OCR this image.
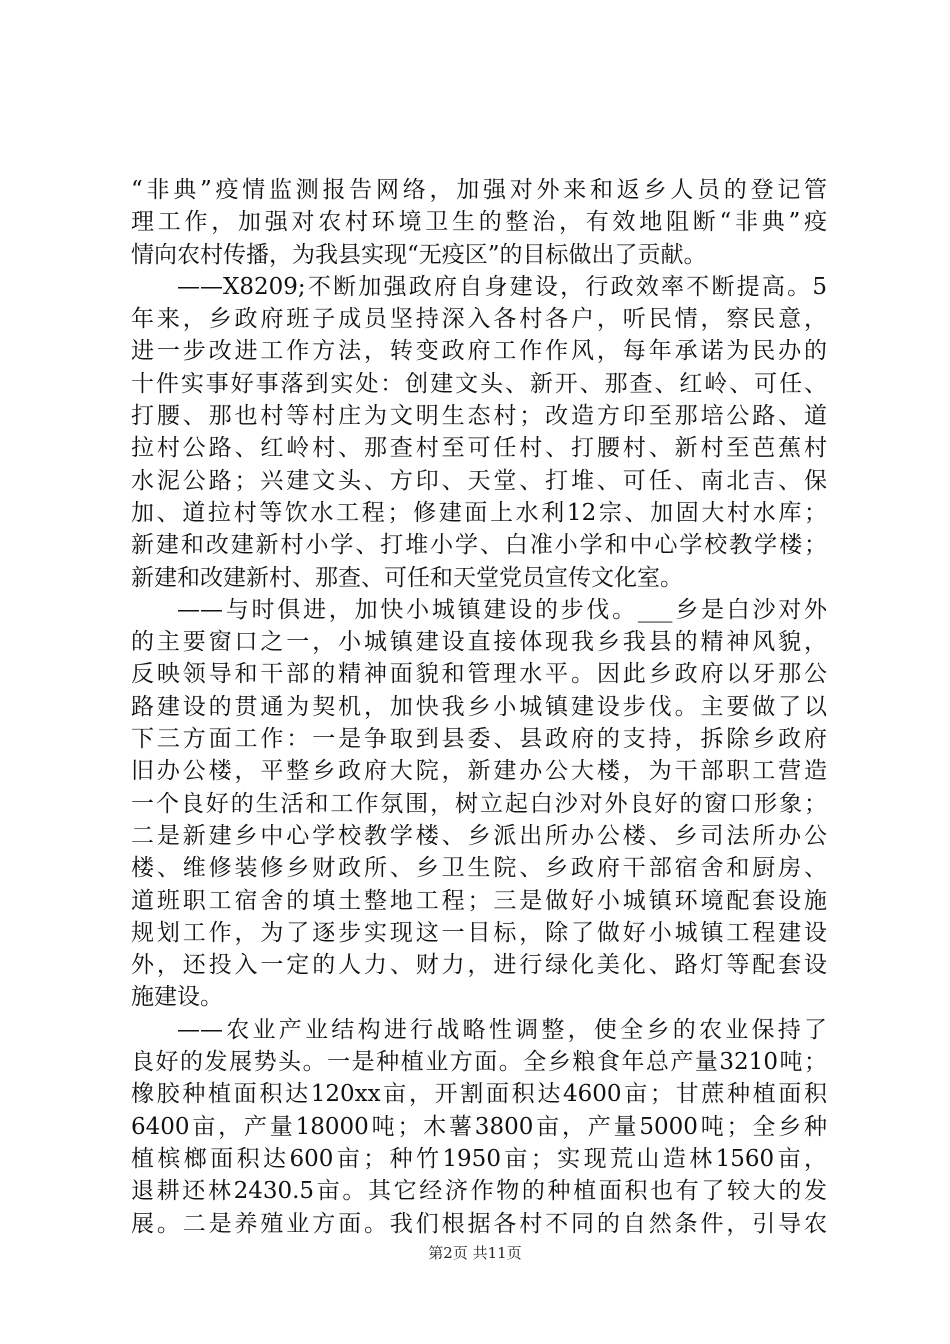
“非典”疫情监测报告网络，加强对外来和返乡人员的登记管
理工作，加强对农村环境卫生的整治，有效地阻断“非典”疫
情向农村传播，为我县实现“无疫区”的目标做出了贡献。
——X8209;不断加强政府自身建设，行政效率不断提高。5
年来，乡政府班子成员坚持深入各村各户，听民情，察民意，
进一步改进工作方法，转变政府工作作风，每年承诺为民办的
十件实事好事落到实处：创建文头、新开、那查、红岭、可任、
打腰、那也村等村庄为文明生态村；改造方印至那培公路、道
拉村公路、红岭村、那查村至可任村、打腰村、新村至芭蕉村
水泥公路；兴建文头、方印、天堂、打堆、可任、南北吉、保
加、道拉村等饮水工程；修建面上水利12宗、加固大村水库；
新建和改建新村小学、打堆小学、白准小学和中心学校教学楼；
新建和改建新村、那查、可任和天堂党员宣传文化室。
——与时俱进，加快小城镇建设的步伐。___乡是白沙对外
的主要窗口之一，小城镇建设直接体现我乡我县的精神风貌，
反映领导和干部的精神面貌和管理水平。因此乡政府以牙那公
路建设的贯通为契机，加快我乡小城镇建设步伐。主要做了以
下三方面工作：一是争取到县委、县政府的支持，拆除乡政府
旧办公楼，平整乡政府大院，新建办公大楼，为干部职工营造
一个良好的生活和工作氛围，树立起白沙对外良好的窗口形象；
二是新建乡中心学校教学楼、乡派出所办公楼、乡司法所办公
楼、维修装修乡财政所、乡卫生院、乡政府干部宿舍和厨房、
道班职工宿舍的填土整地工程；三是做好小城镇环境配套设施
规划工作，为了逐步实现这一目标，除了做好小城镇工程建设
外，还投入一定的人力、财力，进行绿化美化、路灯等配套设
施建设。
——农业产业结构进行战略性调整，使全乡的农业保持了
良好的发展势头。一是种植业方面。全乡粮食年总产量3210吨；
橡胶种植面积达120xx亩，开割面积达4600亩；甘蔗种植面积
6400亩，产量18000吨；木薯3800亩，产量5000吨；全乡种
植槟榔面积达600亩；种竹1950亩；实现荒山造林1560亩，
退耕还林2430.5亩。其它经济作物的种植面积也有了较大的发
展。二是养殖业方面。我们根据各村不同的自然条件，引导农
第2页 共11页
